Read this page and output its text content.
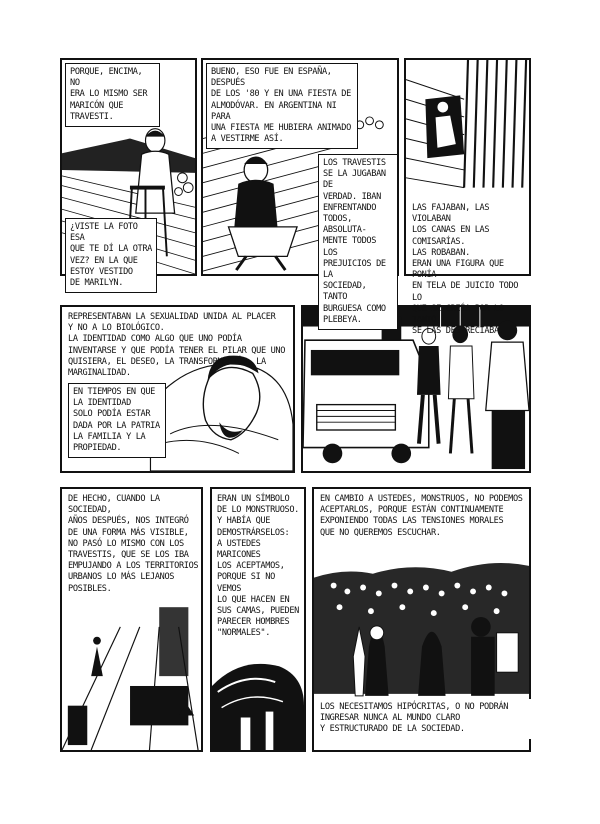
PORQUE, ENCIMA, NO
ERA LO MISMO SER
MARICÓN QUE
TRAVESTI.
¿VISTE LA FOTO ESA
QUE TE DÍ LA OTRA
VEZ? EN LA QUE
ESTOY VESTIDO
DE MARILYN.
BUENO, ESO FUE EN ESPAÑA, DESPUÉS
DE LOS '80 Y EN UNA FIESTA DE
ALMODÓVAR. EN ARGENTINA NI PARA
UNA FIESTA ME HUBIERA ANIMADO
A VESTIRME ASÍ.
LOS TRAVESTIS
SE LA JUGABAN DE
VERDAD. IBAN
ENFRENTANDO
TODOS, ABSOLUTA-
MENTE TODOS LOS
PREJUICIOS DE LA
SOCIEDAD, TANTO
BURGUESA COMO
PLEBEYA.
LAS FAJABAN, LAS VIOLABAN
LOS CANAS EN LAS COMISARÍAS.
LAS ROBABAN.
ERAN UNA FIGURA QUE PONÍA
EN TELA DE JUICIO TODO LO
QUE SE CREÍA POR LO TANTO,
SE LAS DESPRECIABA.
REPRESENTABAN LA SEXUALIDAD UNIDA AL PLACER
Y NO A LO BIOLÓGICO.
LA IDENTIDAD COMO ALGO QUE UNO PODÍA
INVENTARSE Y QUE PODÍA TENER EL PILAR QUE UNO
QUISIERA, EL DESEO, LA TRANSFORMACIÓN, LA MARGINALIDAD.
EN TIEMPOS EN QUE
LA IDENTIDAD
SOLO PODÍA ESTAR
DADA POR LA PATRIA
LA FAMILIA Y LA
PROPIEDAD.
DE HECHO, CUANDO LA SOCIEDAD,
AÑOS DESPUÉS, NOS INTEGRÓ
DE UNA FORMA MÁS VISIBLE,
NO PASÓ LO MISMO CON LOS
TRAVESTIS, QUE SE LOS IBA
EMPUJANDO A LOS TERRITORIOS
URBANOS LO MÁS LEJANOS
POSIBLES.
ERAN UN SÍMBOLO
DE LO MONSTRUOSO.
Y HABÍA QUE
DEMOSTRÁRSELOS:
A USTEDES
MARICONES
LOS ACEPTAMOS,
PORQUE SI NO VEMOS
LO QUE HACEN EN
SUS CAMAS, PUEDEN
PARECER HOMBRES
"NORMALES".
EN CAMBIO A USTEDES, MONSTRUOS, NO PODEMOS
ACEPTARLOS, PORQUE ESTÁN CONTINUAMENTE
EXPONIENDO TODAS LAS TENSIONES MORALES
QUE NO QUEREMOS ESCUCHAR.
LOS NECESITAMOS HIPÓCRITAS, O NO PODRÁN
INGRESAR NUNCA AL MUNDO CLARO
Y ESTRUCTURADO DE LA SOCIEDAD.
